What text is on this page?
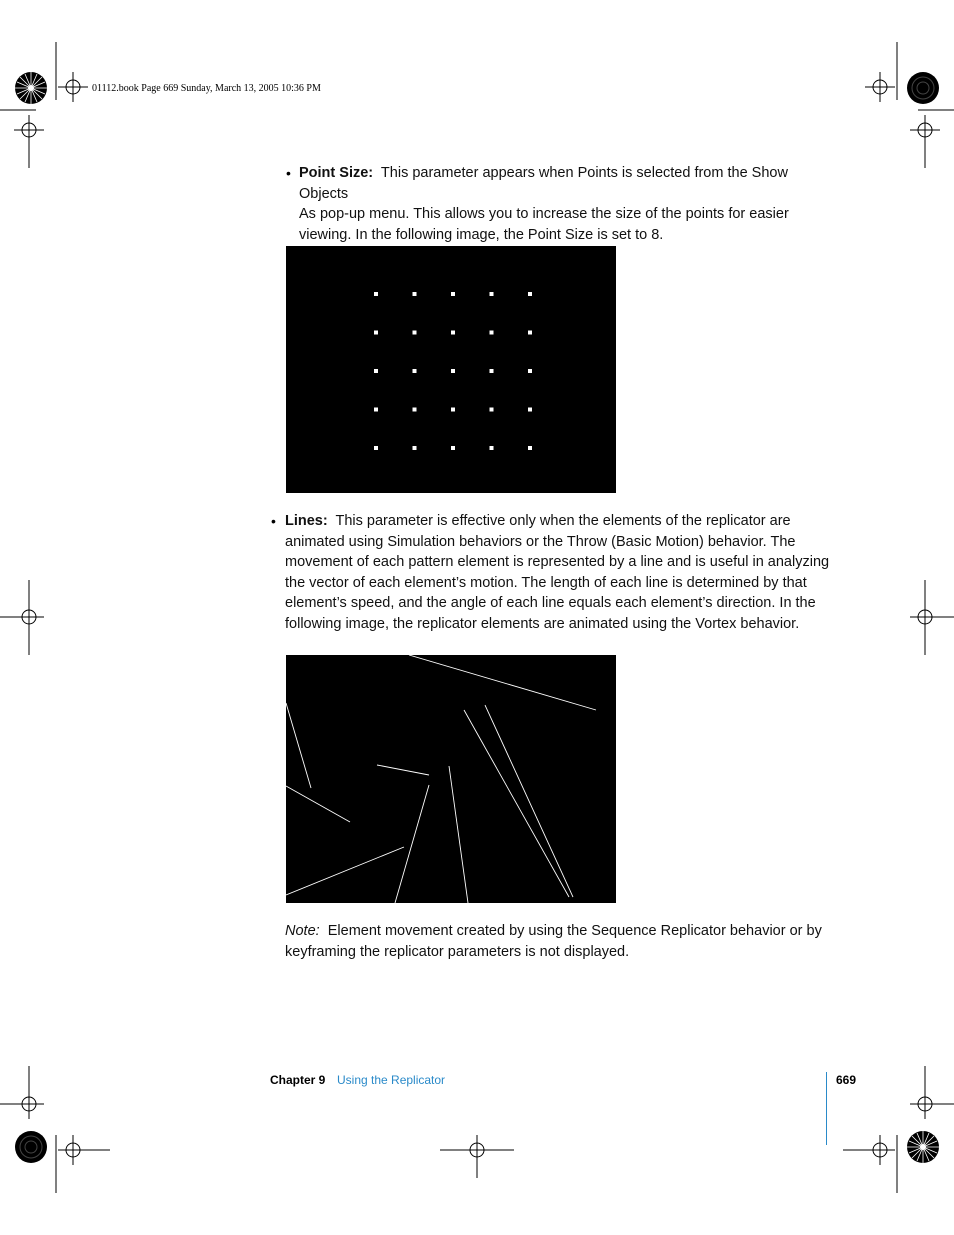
01112.book Page 669 Sunday, March 13, 2005 10:36 PM
• Point Size: This parameter appears when Points is selected from the Show Objects
As pop-up menu. This allows you to increase the size of the points for easier
viewing. In the following image, the Point Size is set to 8.
• Lines: This parameter is effective only when the elements of the replicator are
animated using Simulation behaviors or the Throw (Basic Motion) behavior. The
movement of each pattern element is represented by a line and is useful in analyzing
the vector of each element’s motion. The length of each line is determined by that
element’s speed, and the angle of each line equals each element’s direction. In the
following image, the replicator elements are animated using the Vortex behavior.
Note: Element movement created by using the Sequence Replicator behavior or by
keyframing the replicator parameters is not displayed.
Chapter 9 Using the Replicator	669
